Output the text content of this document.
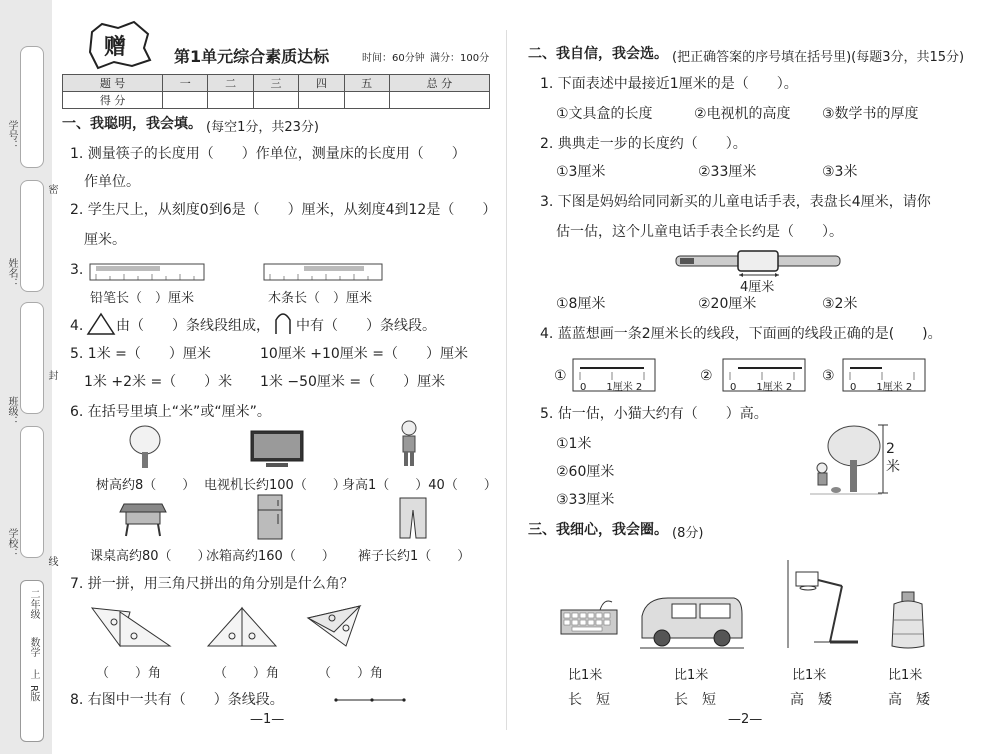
学号：
姓名：
班级：
学校：
密
封
线
二年级
数学
上
R版
赠	第1单元综合素质达标	时间：60分钟 满分：100分
题 号	一	二	三	四	五	总 分
得 分						
一、我聪明，我会填。 (每空1分，共23分)
1. 测量筷子的长度用（　　）作单位，测量床的长度用（　　）
作单位。
2. 学生尺上，从刻度0到6是（　　）厘米，从刻度4到12是（　　）
厘米。
3.
铅笔长（　）厘米	木条长（　）厘米
4. 由（　　）条线段组成， 中有（　　）条线段。
5. 1米 =（　　）厘米	10厘米 +10厘米 =（　　）厘米
1米 +2米 =（　　）米 1米 −50厘米 =（　　）厘米
6. 在括号里填上“米”或“厘米”。
树高约8（　　） 电视机长约100（　　）
身高1（　　）40（　　）
课桌高约80（　　）
冰箱高约160（　　） 裤子长约1（　　）
7. 拼一拼，用三角尺拼出的角分别是什么角？
（　　）角	（　　）角	（　　）角
8. 右图中一共有（　　）条线段。
—1—
二、我自信，我会选。 (把正确答案的序号填在括号里)(每题3分，共15分)
1. 下面表述中最接近1厘米的是（　　）。
①文具盒的长度	②电视机的高度 ③数学书的厚度
2. 典典走一步的长度约（　　）。
①3厘米	②33厘米	③3米
3. 下图是妈妈给同同新买的儿童电话手表，表盘长4厘米，请你
估一估，这个儿童电话手表全长约是（　　）。
4厘米
①8厘米	②20厘米	③2米
4. 蓝蓝想画一条2厘米长的线段，下面画的线段正确的是(　　)。
①
0　　1厘米 2
②
0　　1厘米 2
③
0　　1厘米 2
5. 估一估，小猫大约有（　　）高。
①1米
②60厘米
③33厘米
2米
三、我细心，我会圈。 (8分)
比1米	比1米	比1米	比1米
长 短	长 短	高 矮	高 矮
—2—
